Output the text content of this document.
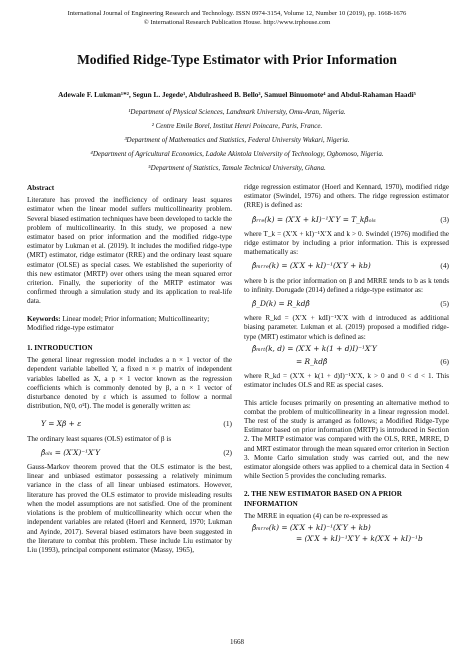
International Journal of Engineering Research and Technology. ISSN 0974-3154, Volume 12, Number 10 (2019), pp. 1668-1676
© International Research Publication House. http://www.irphouse.com
Modified Ridge-Type Estimator with Prior Information
Adewale F. Lukman¹*², Segun L. Jegede¹, Abdulrasheed B. Bello³, Samuel Binuomote⁴ and Abdul-Rahaman Haadi⁵
¹Department of Physical Sciences, Landmark University, Omu-Aran, Nigeria.
² Centre Emile Borel, Institut Henri Poincare, Paris, France.
³Department of Mathematics and Statistics, Federal University Wukari, Nigeria.
⁴Department of Agricultural Economics, Ladoke Akintola University of Technology, Ogbomoso, Nigeria.
⁵Department of Statistics, Tamale Technical University, Ghana.
Abstract
Literature has proved the inefficiency of ordinary least squares estimator when the linear model suffers multicollinearity problem. Several biased estimation techniques have been developed to tackle the problem of multicollinearity. In this study, we proposed a new estimator based on prior information and the modified ridge-type estimator by Lukman et al. (2019). It includes the modified ridge-type (MRT) estimator, ridge estimator (RRE) and the ordinary least square estimator (OLSE) as special cases. We established the superiority of this new estimator (MRTP) over others using the mean squared error criterion. Finally, the superiority of the MRTP estimator was confirmed through a simulation study and its application to real-life data.
Keywords: Linear model; Prior information; Multicollinearity; Modified ridge-type estimator
1. INTRODUCTION
The general linear regression model includes a n × 1 vector of the dependent variable labelled Y, a fixed n × p matrix of independent variables labelled as X, a p × 1 vector known as the regression coefficients which is commonly denoted by β, a n × 1 vector of disturbance denoted by ε which is assumed to follow a normal distribution, N(0, σ²I). The model is generally written as:
Y = Xβ + ε	(1)
The ordinary least squares (OLS) estimator of β is
β̂ₒₗₛ = (X′X)⁻¹X′Y	(2)
Gauss-Markov theorem proved that the OLS estimator is the best, linear and unbiased estimator possessing a relatively minimum variance in the class of all linear unbiased estimators. However, literature has proved the OLS estimator to provide misleading results when the model assumptions are not satisfied. One of the prominent violations is the problem of multicollinearity which occur when the independent variables are related (Hoerl and Kennerd, 1970; Lukman and Ayinde, 2017). Several biased estimators have been suggested in the literature to combat this problem. These include Liu estimator by Liu (1993), principal component estimator (Massy, 1965),
ridge regression estimator (Hoerl and Kennard, 1970), modified ridge estimator (Swindel, 1976) and others. The ridge regression estimator (RRE) is defined as:
β̂ᵣᵣₑ(k) = (X′X + kI)⁻¹X′Y = T_kβ̂ₒₗₛ	(3)
where T_k = (X′X + kI)⁻¹X′X and k > 0. Swindel (1976) modified the ridge estimator by including a prior information. This is expressed mathematically as:
β̂ₘᵣᵣₑ(k) = (X′X + kI)⁻¹(X′Y + kb)	(4)
where b is the prior information on β and MRRE tends to b as k tends to infinity. Dorugade (2014) defined a ridge-type estimator as:
β̂_D(k) = R_kdβ̂	(5)
where R_kd = (X′X + kdI)⁻¹X′X with d introduced as additional biasing parameter. Lukman et al. (2019) proposed a modified ridge-type (MRT) estimator which is defined as:
β̂ₘᵣₜ(k, d) = (X′X + k(1 + d)I)⁻¹X′Y
= R_kdβ̂	(6)
where R_kd = (X′X + k(1 + d)I)⁻¹X′X, k > 0 and 0 < d < 1. This estimator includes OLS and RE as special cases.
This article focuses primarily on presenting an alternative method to combat the problem of multicollinearity in a linear regression model. The rest of the study is arranged as follows; a Modified Ridge-Type Estimator based on prior information (MRTP) is introduced in Section 2. The MRTP estimator was compared with the OLS, RRE, MRRE, D and MRT estimator through the mean squared error criterion in Section 3. Monte Carlo simulation study was carried out, and the new estimator alongside others was applied to a chemical data in Section 4 while Section 5 provides the concluding remarks.
2. THE NEW ESTIMATOR BASED ON A PRIOR INFORMATION
The MRRE in equation (4) can be re-expressed as
β̂ₘᵣᵣₑ(k) = (X′X + kI)⁻¹(X′Y + kb)
= (X′X + kI)⁻¹X′Y + k(X′X + kI)⁻¹b
1668
